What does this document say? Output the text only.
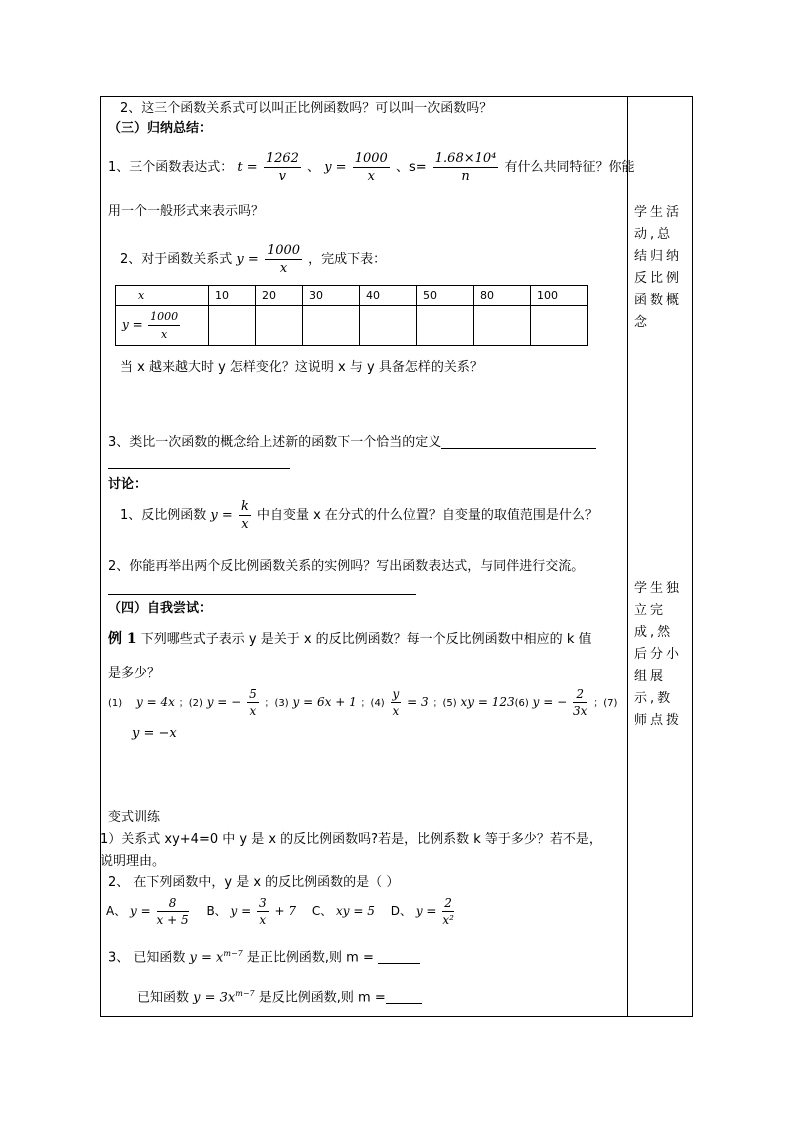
2、这三个函数关系式可以叫正比例函数吗？可以叫一次函数吗？
（三）归纳总结：
1、三个函数表达式： $t = \frac{1262}{v}$ 、 $y = \frac{1000}{x}$ 、$s= \frac{\text{1.68×10⁴}}{n}$ 有什么共同特征？你能
用一个一般形式来表示吗？
2、对于函数关系式 $y = \frac{1000}{x}$ ，完成下表：
x	10	20	30	40	50	80	100
$y = \frac{1000}{x}$

当 x 越来越大时 y 怎样变化？这说明 x 与 y 具备怎样的关系？
3、类比一次函数的概念给上述新的函数下一个恰当的定义
讨论：
1、反比例函数 $y = \frac{k}{x}$ 中自变量 x 在分式的什么位置？自变量的取值范围是什么？
2、你能再举出两个反比例函数关系的实例吗？写出函数表达式，与同伴进行交流。
（四）自我尝试：
例 1 下列哪些式子表示 y 是关于 x 的反比例函数？每一个反比例函数中相应的 k 值
是多少？
(1) y = 4x ；(2) y = − $\frac{5}{x}$ ；(3) y = 6x + 1 ；$(4) \frac{y}{x} = 3$ ；(5) xy = 123(6) y = − $\frac{2}{3x}$ ；(7)
y = −x
变式训练
1）关系式 xy+4=0 中 y 是 x 的反比例函数吗?若是，比例系数 k 等于多少？若不是，
说明理由。
2、 在下列函数中，y 是 x 的反比例函数的是（ ）
A、 $y = \frac{8}{x + 5}$ B、 $y = \frac{3}{x} + 7$ C、 xy = 5 D、 $y = \frac{2}{\text{x²}}$
3、 已知函数 $y = x^{m-7}$ 是正比例函数,则 m =
已知函数 $y = 3x^{m-7}$ 是反比例函数,则 m =
学生活动,总结归纳反比例函数概念
学生独立完成,然后分小组展示,教师点拨
